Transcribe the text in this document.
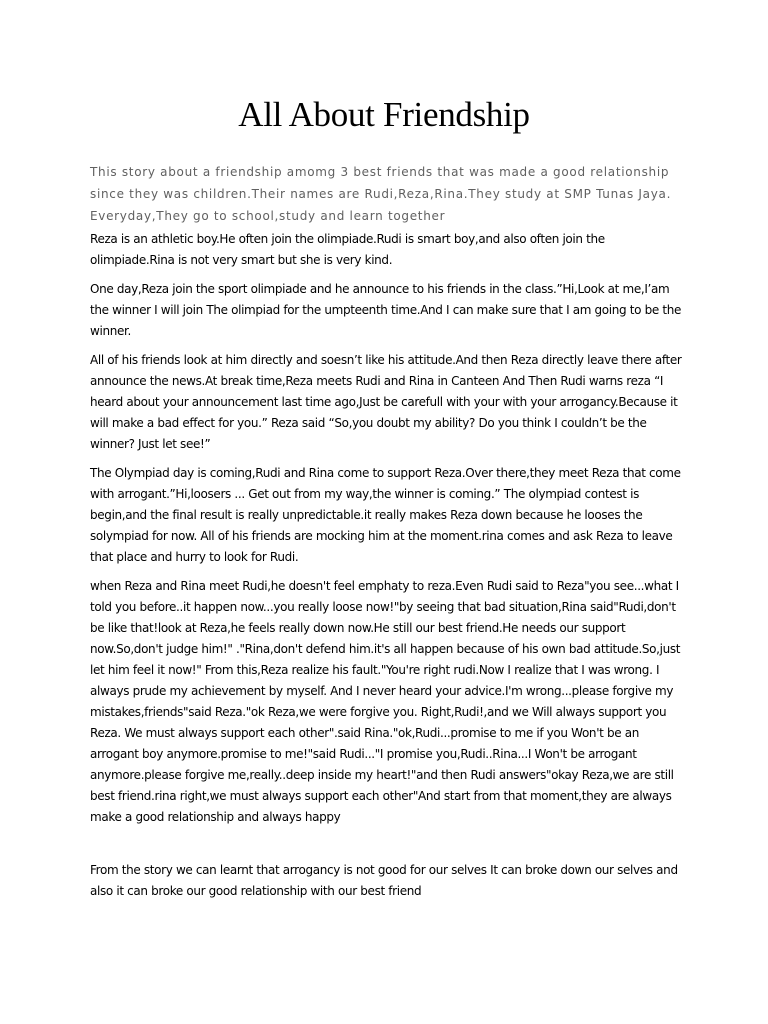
All About Friendship
This story about a friendship amomg 3 best friends that was made a good relationship since they was children.Their names are Rudi,Reza,Rina.They study at SMP Tunas Jaya. Everyday,They go to school,study and learn together

Reza is an athletic boy.He often join the olimpiade.Rudi is smart boy,and also often join the olimpiade.Rina is not very smart but she is very kind.

One day,Reza join the sport olimpiade and he announce to his friends in the class.”Hi,Look at me,I’am the winner I will join The olimpiad for the umpteenth time.And I can make sure that I am going to be the winner.

All of his friends look at him directly and soesn’t like his attitude.And then Reza directly leave there after announce the news.At break time,Reza meets Rudi and Rina in Canteen And Then Rudi warns reza “I heard about your announcement last time ago,Just be carefull with your with your arrogancy.Because it will make a bad effect for you.” Reza said “So,you doubt my ability? Do you think I couldn’t be the winner? Just let see!”

The Olympiad day is coming,Rudi and Rina come to support Reza.Over there,they meet Reza that come with arrogant.”Hi,loosers ... Get out from my way,the winner is coming.” The olympiad contest is begin,and the final result is really unpredictable.it really makes Reza down because he looses the solympiad for now. All of his friends are mocking him at the moment.rina comes and ask Reza to leave that place and hurry to look for Rudi.

when Reza and Rina meet Rudi,he doesn't feel emphaty to reza.Even Rudi said to Reza"you see...what I told you before..it happen now...you really loose now!"by seeing that bad situation,Rina said"Rudi,don't be like that!look at Reza,he feels really down now.He still our best friend.He needs our support now.So,don't judge him!" ."Rina,don't defend him.it's all happen because of his own bad attitude.So,just let him feel it now!" From this,Reza realize his fault."You're right rudi.Now I realize that I was wrong. I always prude my achievement by myself. And I never heard your advice.I'm wrong...please forgive my mistakes,friends"said Reza."ok Reza,we were forgive you. Right,Rudi!,and we Will always support you Reza. We must always support each other".said Rina."ok,Rudi...promise to me if you Won't be an arrogant boy anymore.promise to me!"said Rudi..."I promise you,Rudi..Rina...I Won't be arrogant anymore.please forgive me,really..deep inside my heart!"and then Rudi answers"okay Reza,we are still best friend.rina right,we must always support each other"And start from that moment,they are always make a good relationship and always happy

From the story we can learnt that arrogancy is not good for our selves It can broke down our selves and also it can broke our good relationship with our best friend
